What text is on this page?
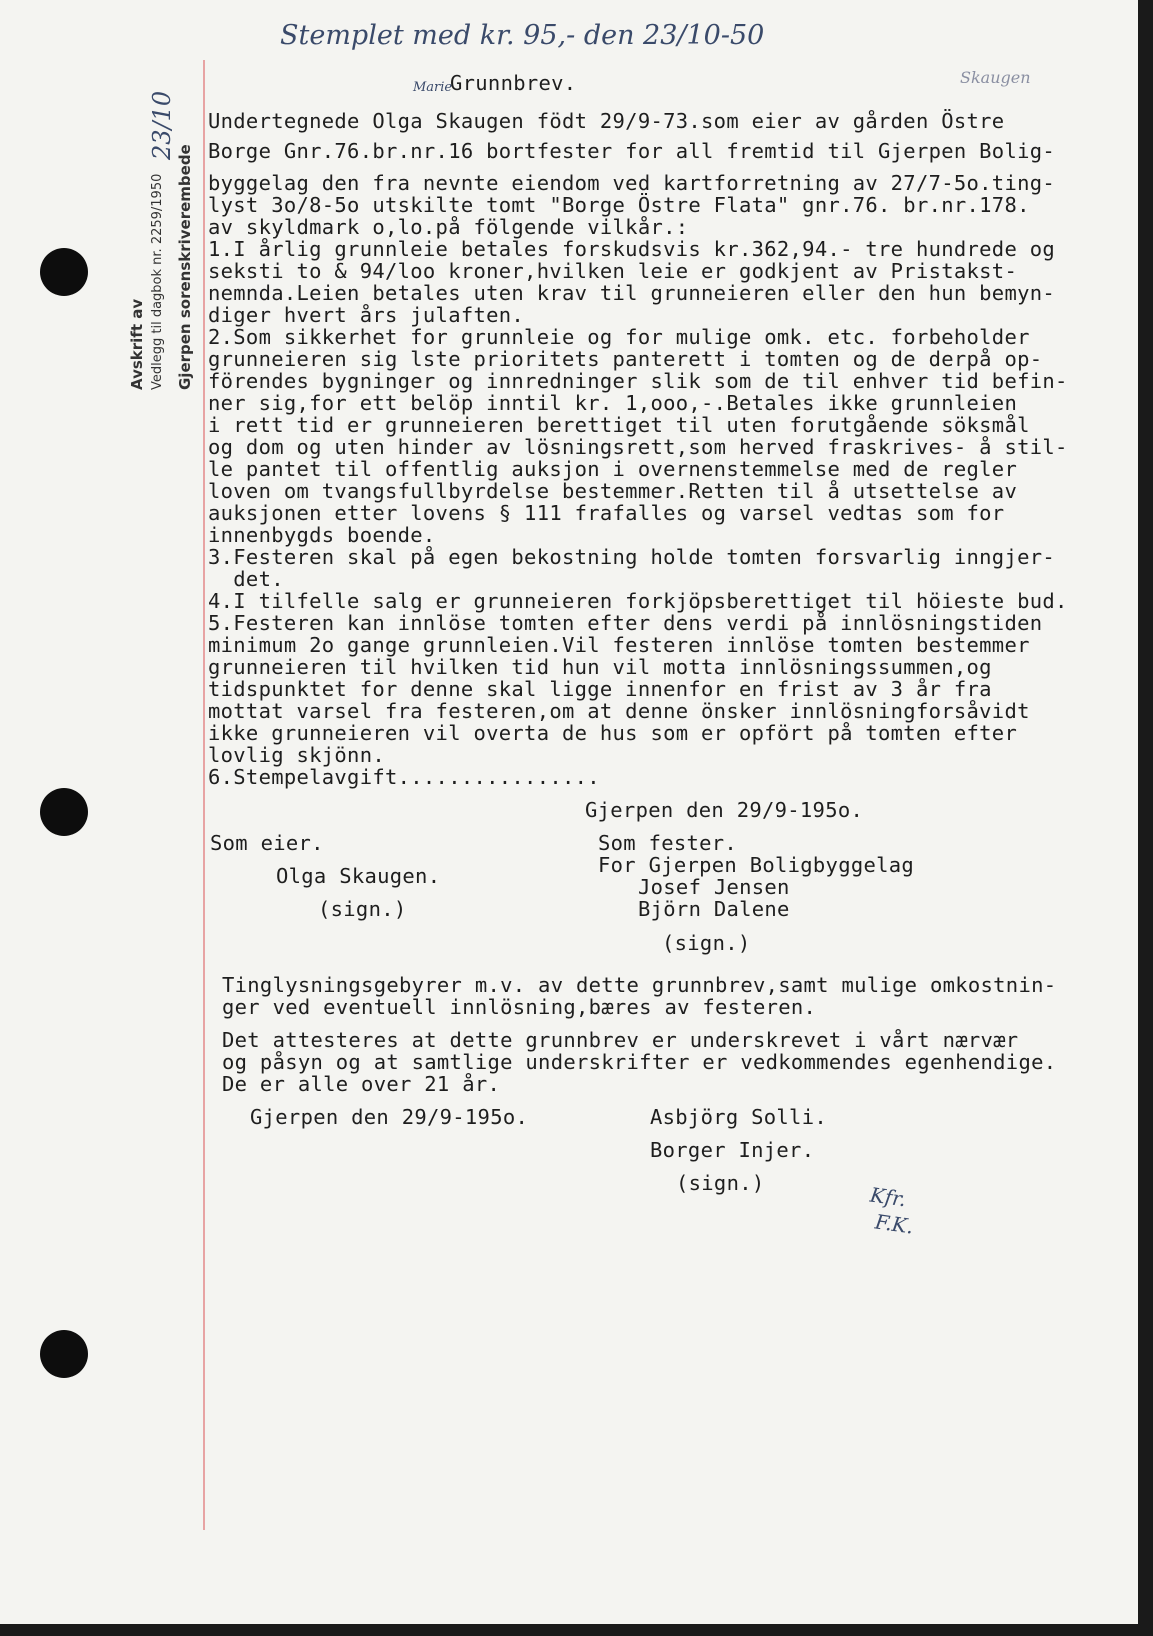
Stemplet med kr. 95,- den 23/10-50
Marie
Skaugen
Kfr.
F.K.
Avskrift av Vedlegg til dagbok nr. 2259/1950 Gjerpen sorenskriverembede
23/10
Grunnbrev.
Undertegnede Olga Skaugen födt 29/9-73.som eier av gården Östre
Borge Gnr.76.br.nr.16 bortfester for all fremtid til Gjerpen Bolig-
byggelag den fra nevnte eiendom ved kartforretning av 27/7-5o.ting-
lyst 3o/8-5o utskilte tomt "Borge Östre Flata" gnr.76. br.nr.178.
av skyldmark o,lo.på fölgende vilkår.:
1.I årlig grunnleie betales forskudsvis kr.362,94.- tre hundrede og
seksti to & 94/loo kroner,hvilken leie er godkjent av Pristakst-
nemnda.Leien betales uten krav til grunneieren eller den hun bemyn-
diger hvert års julaften.
2.Som sikkerhet for grunnleie og for mulige omk. etc. forbeholder
grunneieren sig lste prioritets panterett i tomten og de derpå op-
förendes bygninger og innredninger slik som de til enhver tid befin-
ner sig,for ett belöp inntil kr. 1,ooo,-.Betales ikke grunnleien
i rett tid er grunneieren berettiget til uten forutgående söksmål
og dom og uten hinder av lösningsrett,som herved fraskrives- å stil-
le pantet til offentlig auksjon i overnenstemmelse med de regler
loven om tvangsfullbyrdelse bestemmer.Retten til å utsettelse av
auksjonen etter lovens § 111 frafalles og varsel vedtas som for
innenbygds boende.
3.Festeren skal på egen bekostning holde tomten forsvarlig inngjer-
det.
4.I tilfelle salg er grunneieren forkjöpsberettiget til höieste bud.
5.Festeren kan innlöse tomten efter dens verdi på innlösningstiden
minimum 2o gange grunnleien.Vil festeren innlöse tomten bestemmer
grunneieren til hvilken tid hun vil motta innlösningssummen,og
tidspunktet for denne skal ligge innenfor en frist av 3 år fra
mottat varsel fra festeren,om at denne önsker innlösningforsåvidt
ikke grunneieren vil overta de hus som er opfört på tomten efter
lovlig skjönn.
6.Stempelavgift................
Gjerpen den 29/9-195o.
Som eier.	Som fester.
For Gjerpen Boligbyggelag
Olga Skaugen.	Josef Jensen
(sign.)	Björn Dalene
(sign.)
Tinglysningsgebyrer m.v. av dette grunnbrev,samt mulige omkostnin-
ger ved eventuell innlösning,bæres av festeren.
Det attesteres at dette grunnbrev er underskrevet i vårt nærvær
og påsyn og at samtlige underskrifter er vedkommendes egenhendige.
De er alle over 21 år.
Gjerpen den 29/9-195o.	Asbjörg Solli.
Borger Injer.
(sign.)
